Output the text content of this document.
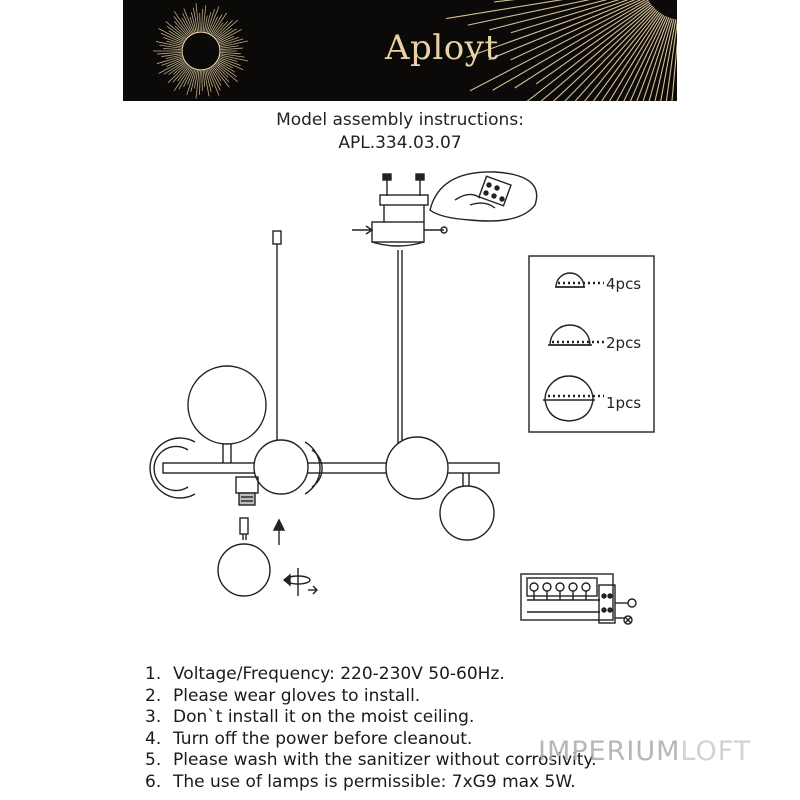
Aployt
Model assembly instructions:
APL.334.03.07
4pcs
2pcs
1pcs
1. Voltage/Frequency: 220-230V 50-60Hz.
2. Please wear gloves to install.
3. Don`t install it on the moist ceiling.
4. Turn off the power before cleanout.
5. Please wash with the sanitizer without corrosivity.
6. The use of lamps is permissible: 7xG9 max 5W.
IMPERIUMLOFT
